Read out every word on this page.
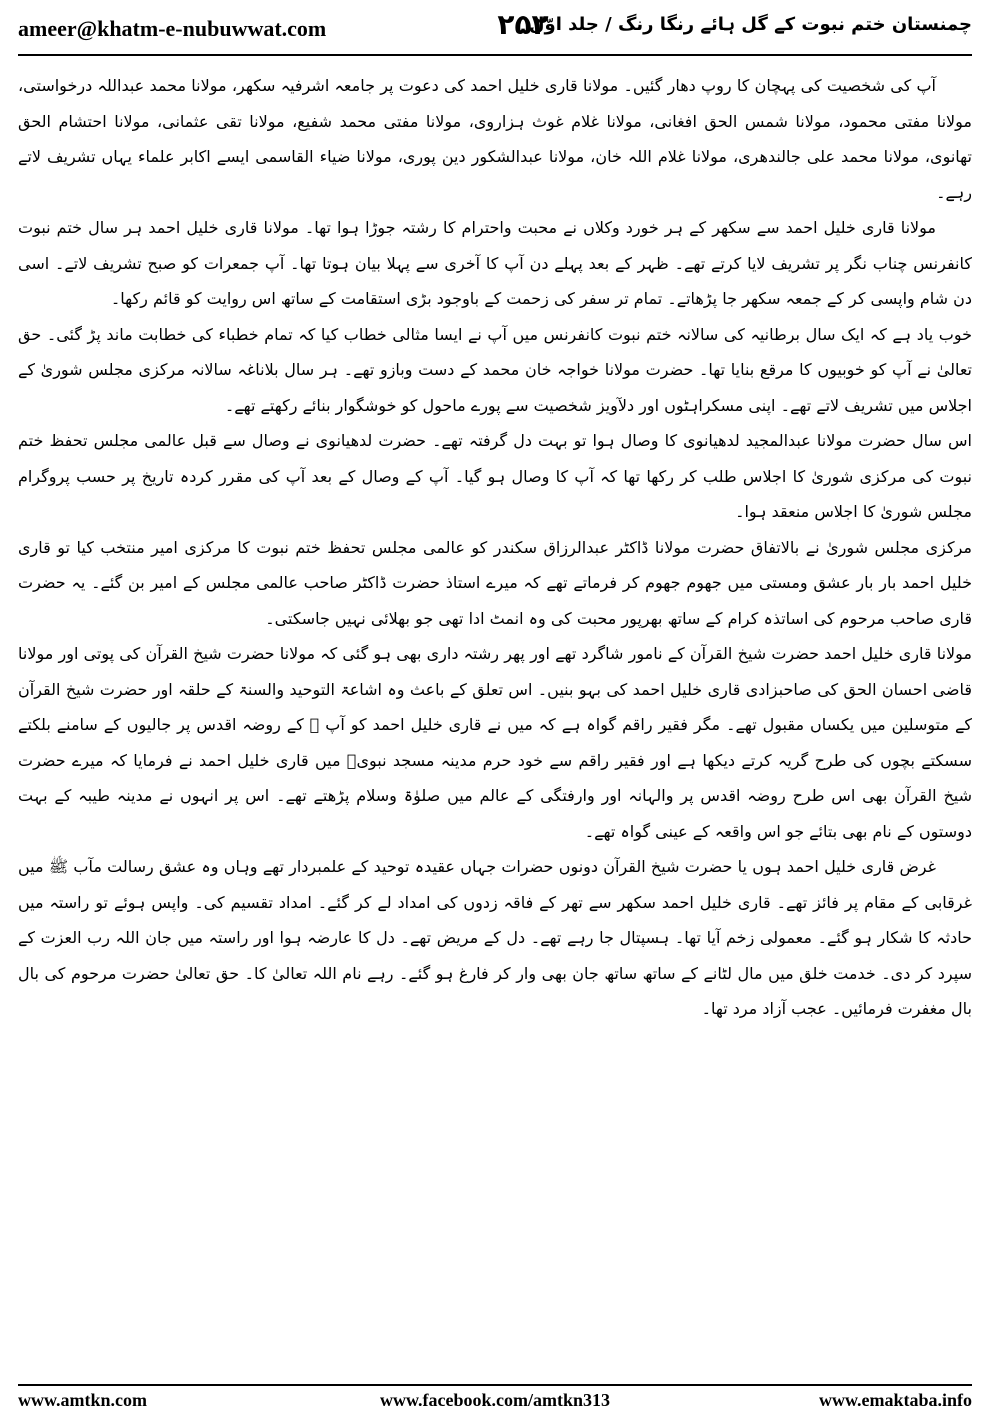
ameer@khatm-e-nubuwwat.com	۲۵۲
چمنستان ختم نبوت کے گل ہائے رنگا رنگ / جلد اوّل

آپ کی شخصیت کی پہچان کا روپ دھار گئیں۔ مولانا قاری خلیل احمد کی دعوت پر جامعہ اشرفیہ سکھر، مولانا محمد عبداللہ درخواستی، مولانا مفتی محمود، مولانا شمس الحق افغانی، مولانا غلام غوث ہزاروی، مولانا مفتی محمد شفیع، مولانا تقی عثمانی، مولانا احتشام الحق تھانوی، مولانا محمد علی جالندھری، مولانا غلام اللہ خان، مولانا عبدالشکور دین پوری، مولانا ضیاء القاسمی ایسے اکابر علماء یہاں تشریف لاتے رہے۔

مولانا قاری خلیل احمد سے سکھر کے ہر خورد وکلاں نے محبت واحترام کا رشتہ جوڑا ہوا تھا۔ مولانا قاری خلیل احمد ہر سال ختم نبوت کانفرنس چناب نگر پر تشریف لایا کرتے تھے۔ ظہر کے بعد پہلے دن آپ کا آخری سے پہلا بیان ہوتا تھا۔ آپ جمعرات کو صبح تشریف لاتے۔ اسی دن شام واپسی کر کے جمعہ سکھر جا پڑھاتے۔ تمام تر سفر کی زحمت کے باوجود بڑی استقامت کے ساتھ اس روایت کو قائم رکھا۔

خوب یاد ہے کہ ایک سال برطانیہ کی سالانہ ختم نبوت کانفرنس میں آپ نے ایسا مثالی خطاب کیا کہ تمام خطباء کی خطابت ماند پڑ گئی۔ حق تعالیٰ نے آپ کو خوبیوں کا مرقع بنایا تھا۔ حضرت مولانا خواجہ خان محمد کے دست وبازو تھے۔ ہر سال بلاناغہ سالانہ مرکزی مجلس شوریٰ کے اجلاس میں تشریف لاتے تھے۔ اپنی مسکراہٹوں اور دلآویز شخصیت سے پورے ماحول کو خوشگوار بنائے رکھتے تھے۔

اس سال حضرت مولانا عبدالمجید لدھیانوی کا وصال ہوا تو بہت دل گرفتہ تھے۔ حضرت لدھیانوی نے وصال سے قبل عالمی مجلس تحفظ ختم نبوت کی مرکزی شوریٰ کا اجلاس طلب کر رکھا تھا کہ آپ کا وصال ہو گیا۔ آپ کے وصال کے بعد آپ کی مقرر کردہ تاریخ پر حسب پروگرام مجلس شوریٰ کا اجلاس منعقد ہوا۔

مرکزی مجلس شوریٰ نے بالاتفاق حضرت مولانا ڈاکٹر عبدالرزاق سکندر کو عالمی مجلس تحفظ ختم نبوت کا مرکزی امیر منتخب کیا تو قاری خلیل احمد بار بار عشق ومستی میں جھوم جھوم کر فرماتے تھے کہ میرے استاذ حضرت ڈاکٹر صاحب عالمی مجلس کے امیر بن گئے۔ یہ حضرت قاری صاحب مرحوم کی اساتذہ کرام کے ساتھ بھرپور محبت کی وہ انمٹ ادا تھی جو بھلائی نہیں جاسکتی۔

مولانا قاری خلیل احمد حضرت شیخ القرآن کے نامور شاگرد تھے اور پھر رشتہ داری بھی ہو گئی کہ مولانا حضرت شیخ القرآن کی پوتی اور مولانا قاضی احسان الحق کی صاحبزادی قاری خلیل احمد کی بہو بنیں۔ اس تعلق کے باعث وہ اشاعۃ التوحید والسنۃ کے حلقہ اور حضرت شیخ القرآن کے متوسلین میں یکساں مقبول تھے۔ مگر فقیر راقم گواہ ہے کہ میں نے قاری خلیل احمد کو آپ ﷺ کے روضہ اقدس پر جالیوں کے سامنے بلکتے سسکتے بچوں کی طرح گریہ کرتے دیکھا ہے اور فقیر راقم سے خود حرم مدینہ مسجد نبویؐ میں قاری خلیل احمد نے فرمایا کہ میرے حضرت شیخ القرآن بھی اس طرح روضہ اقدس پر والہانہ اور وارفتگی کے عالم میں صلوٰۃ وسلام پڑھتے تھے۔ اس پر انہوں نے مدینہ طیبہ کے بہت دوستوں کے نام بھی بتائے جو اس واقعہ کے عینی گواہ تھے۔

غرض قاری خلیل احمد ہوں یا حضرت شیخ القرآن دونوں حضرات جہاں عقیدہ توحید کے علمبردار تھے وہاں وہ عشق رسالت مآب ﷺ میں غرقابی کے مقام پر فائز تھے۔ قاری خلیل احمد سکھر سے تھر کے فاقہ زدوں کی امداد لے کر گئے۔ امداد تقسیم کی۔ واپس ہوئے تو راستہ میں حادثہ کا شکار ہو گئے۔ معمولی زخم آیا تھا۔ ہسپتال جا رہے تھے۔ دل کے مریض تھے۔ دل کا عارضہ ہوا اور راستہ میں جان اللہ رب العزت کے سپرد کر دی۔ خدمت خلق میں مال لٹانے کے ساتھ ساتھ جان بھی وار کر فارغ ہو گئے۔ رہے نام اللہ تعالیٰ کا۔ حق تعالیٰ حضرت مرحوم کی بال بال مغفرت فرمائیں۔ عجب آزاد مرد تھا۔

www.amtkn.com	www.facebook.com/amtkn313	www.emaktaba.info
